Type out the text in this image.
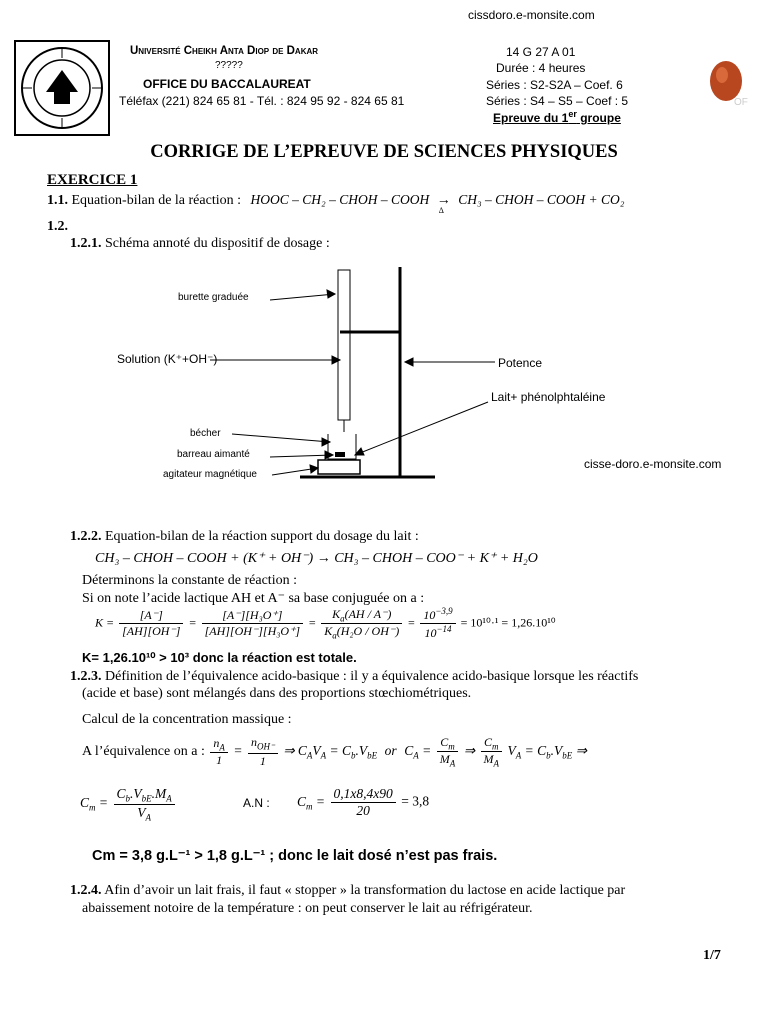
cissdoro.e-monsite.com
Université Cheikh Anta Diop de Dakar
?????
OFFICE DU BACCALAUREAT
Téléfax (221) 824 65 81 - Tél. : 824 95 92 - 824 65 81
14 G 27 A 01
Durée : 4 heures
Séries : S2-S2A – Coef. 6
Séries : S4 – S5 – Coef : 5
Epreuve du 1er groupe
OF
CORRIGE DE L’EPREUVE DE SCIENCES PHYSIQUES
EXERCICE 1
1.1. Equation-bilan de la réaction : HOOC – CH₂ – CHOH – COOH →
Δ
CH₃ – CHOH – COOH + CO₂
1.2.
1.2.1. Schéma annoté du dispositif de dosage :
burette graduée
Solution (K⁺+OH⁻)	Potence
Lait+ phénolphtaléine
bécher
barreau aimanté
agitateur magnétique
cisse-doro.e-monsite.com
1.2.2. Equation-bilan de la réaction support du dosage du lait :
CH₃ – CHOH – COOH + (K⁺ + OH⁻) → CH₃ – CHOH – COO⁻ + K⁺ + H₂O
Déterminons la constante de réaction :
Si on note l’acide lactique AH et A⁻ sa base conjuguée on a :
$K = \frac{[A^-]}{[AH][OH^-]} = \frac{\text{[A⁻][H₃O⁺]}}{\text{[AH][OH⁻][H₃O⁺]}} = \frac{K_a(AH / A^-)}{K_a(H_2O / OH^-)} = \frac{10^{-3,9}}{10^{-14}} = 10^{10}\cdot^1 = 1,26.10^{10}$
K= 1,26.10¹⁰ > 10³ donc la réaction est totale.
1.2.3. Définition de l’équivalence acido-basique : il y a équivalence acido-basique lorsque les réactifs
(acide et base) sont mélangés dans des proportions stœchiométriques.
Calcul de la concentration massique :
A l’équivalence on a : $\frac{n_A}{1} = \frac{n_{OH^-}}{1}$ ⇒ $C_AV_A = C_b.V_{bE}$ or $C_A = \frac{C_m}{M_A}$ ⇒ $\frac{C_m}{M_A} V_A = C_b.V_{bE}$ ⇒
$C_m = \frac{C_b.V_{bE}.M_A}{V_A}$	A.N : $C_m = \frac{0,1x8,4x90}{20} = 3,8$
Cm = 3,8 g.L⁻¹ > 1,8 g.L⁻¹ ; donc le lait dosé n’est pas frais.
1.2.4. Afin d’avoir un lait frais, il faut « stopper » la transformation du lactose en acide lactique par
abaissement notoire de la température : on peut conserver le lait au réfrigérateur.
1/7
